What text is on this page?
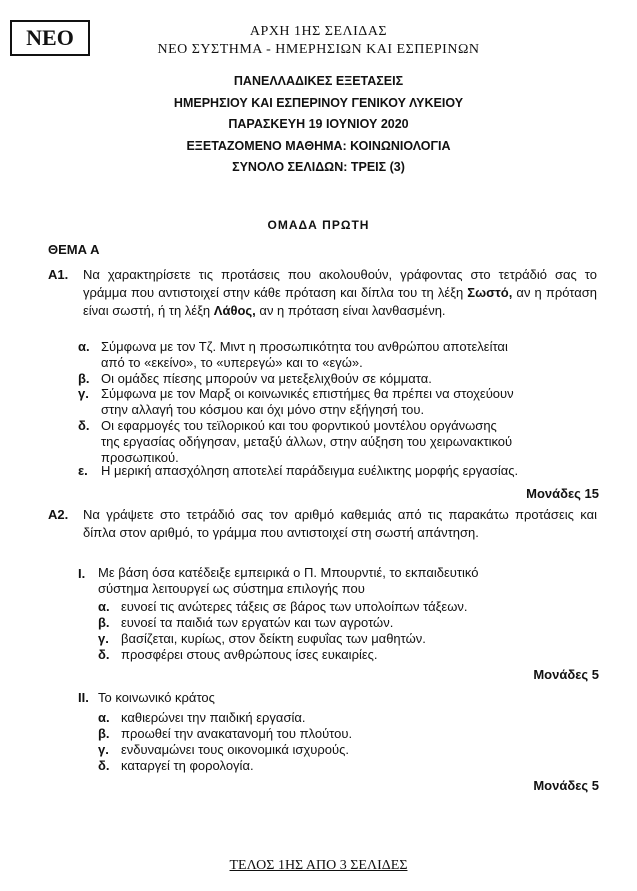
ΝΕΟ	ΑΡΧΗ 1ΗΣ ΣΕΛΙΔΑΣ
ΝΕΟ ΣΥΣΤΗΜΑ - ΗΜΕΡΗΣΙΩΝ ΚΑΙ ΕΣΠΕΡΙΝΩΝ
ΠΑΝΕΛΛΑΔΙΚΕΣ ΕΞΕΤΑΣΕΙΣ
ΗΜΕΡΗΣΙΟΥ ΚΑΙ ΕΣΠΕΡΙΝΟΥ ΓΕΝΙΚΟΥ ΛΥΚΕΙΟΥ
ΠΑΡΑΣΚΕΥΗ 19 ΙΟΥΝΙΟΥ 2020
ΕΞΕΤΑΖΟΜΕΝΟ ΜΑΘΗΜΑ: ΚΟΙΝΩΝΙΟΛΟΓΙΑ
ΣΥΝΟΛΟ ΣΕΛΙΔΩΝ: ΤΡΕΙΣ (3)
ΟΜΑΔΑ ΠΡΩΤΗ
ΘΕΜΑ Α
Α1. Να χαρακτηρίσετε τις προτάσεις που ακολουθούν, γράφοντας στο τετράδιό σας το γράμμα που αντιστοιχεί στην κάθε πρόταση και δίπλα του τη λέξη Σωστό, αν η πρόταση είναι σωστή, ή τη λέξη Λάθος, αν η πρόταση είναι λανθασμένη.
α. Σύμφωνα με τον Τζ. Μιντ η προσωπικότητα του ανθρώπου αποτελείται
από το «εκείνο», το «υπερεγώ» και το «εγώ».
β. Οι ομάδες πίεσης μπορούν να μετεξελιχθούν σε κόμματα.
γ. Σύμφωνα με τον Μαρξ οι κοινωνικές επιστήμες θα πρέπει να στοχεύουν
στην αλλαγή του κόσμου και όχι μόνο στην εξήγησή του.
δ. Οι εφαρμογές του τεϊλορικού και του φορντικού μοντέλου οργάνωσης
της εργασίας οδήγησαν, μεταξύ άλλων, στην αύξηση του χειρωνακτικού
προσωπικού.
ε. Η μερική απασχόληση αποτελεί παράδειγμα ευέλικτης μορφής εργασίας.
Μονάδες 15
Α2. Να γράψετε στο τετράδιό σας τον αριθμό καθεμιάς από τις παρακάτω προτάσεις και δίπλα στον αριθμό, το γράμμα που αντιστοιχεί στη σωστή απάντηση.
Ι. Με βάση όσα κατέδειξε εμπειρικά ο Π. Μπουρντιέ, το εκπαιδευτικό
σύστημα λειτουργεί ως σύστημα επιλογής που
α. ευνοεί τις ανώτερες τάξεις σε βάρος των υπολοίπων τάξεων.
β. ευνοεί τα παιδιά των εργατών και των αγροτών.
γ. βασίζεται, κυρίως, στον δείκτη ευφυΐας των μαθητών.
δ. προσφέρει στους ανθρώπους ίσες ευκαιρίες.
Μονάδες 5
ΙΙ. Το κοινωνικό κράτος
α. καθιερώνει την παιδική εργασία.
β. προωθεί την ανακατανομή του πλούτου.
γ. ενδυναμώνει τους οικονομικά ισχυρούς.
δ. καταργεί τη φορολογία.
Μονάδες 5
ΤΕΛΟΣ 1ΗΣ ΑΠΟ 3 ΣΕΛΙΔΕΣ
